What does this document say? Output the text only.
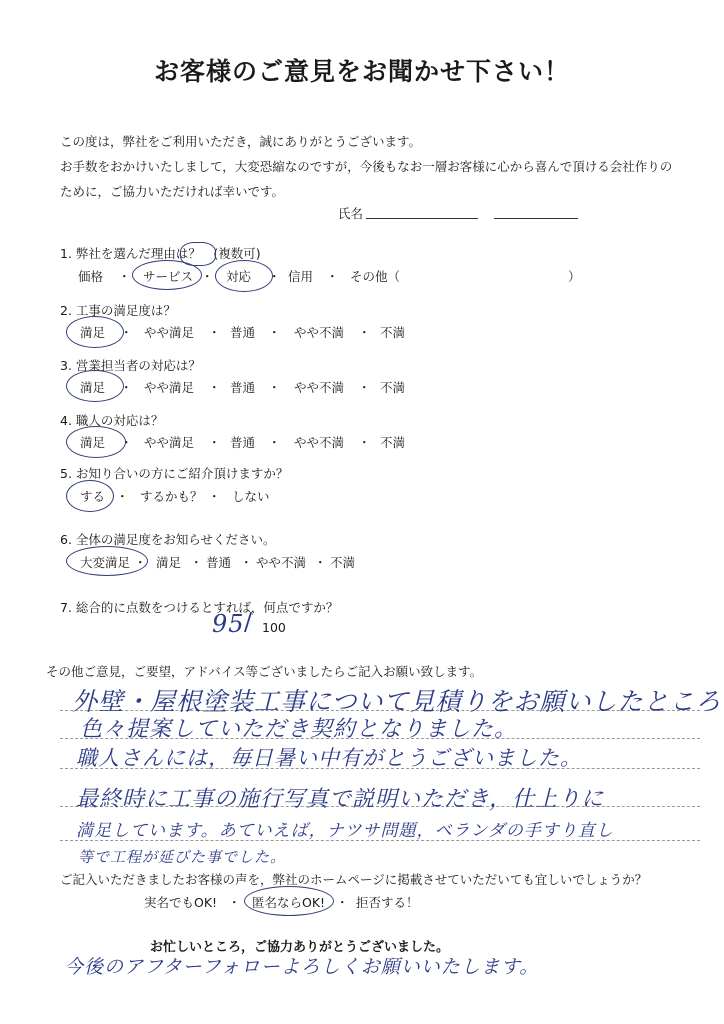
お客様のご意見をお聞かせ下さい！
この度は，弊社をご利用いただき，誠にありがとうございます。
お手数をおかけいたしまして，大変恐縮なのですが，今後もなお一層お客様に心から喜んで頂ける会社作りの
ために，ご協力いただければ幸いです。
氏名
1. 弊社を選んだ理由は？　(複数可)
価格 ・ サービス ・ 対応 ・ 信用 ・ その他（	）
2. 工事の満足度は？
満足 ・ やや満足 ・ 普通 ・ やや不満 ・ 不満
3. 営業担当者の対応は？
満足 ・ やや満足 ・ 普通 ・ やや不満 ・ 不満
4. 職人の対応は？
満足 ・ やや満足 ・ 普通 ・ やや不満 ・ 不満
5. お知り合いの方にご紹介頂けますか？
する ・ するかも？ ・ しない
6. 全体の満足度をお知らせください。
大変満足 ・ 満足 ・ 普通 ・ やや不満 ・ 不満
7. 総合的に点数をつけるとすれば，何点ですか？
95 / 100
その他ご意見，ご要望，アドバイス等ございましたらご記入お願い致します。
外壁・屋根塗装工事について見積りをお願いしたところ
色々提案していただき契約となりました。
職人さんには，毎日暑い中有がとうございました。
最終時に工事の施行写真で説明いただき，仕上りに
満足しています。あていえば，ナツサ問題，ベランダの手すり直し
等で工程が延びた事でした。
ご記入いただきましたお客様の声を，弊社のホームページに掲載させていただいても宜しいでしょうか？
実名でもOK! ・ 匿名ならOK! ・ 拒否する！
お忙しいところ，ご協力ありがとうございました。
今後のアフターフォローよろしくお願いいたします。
